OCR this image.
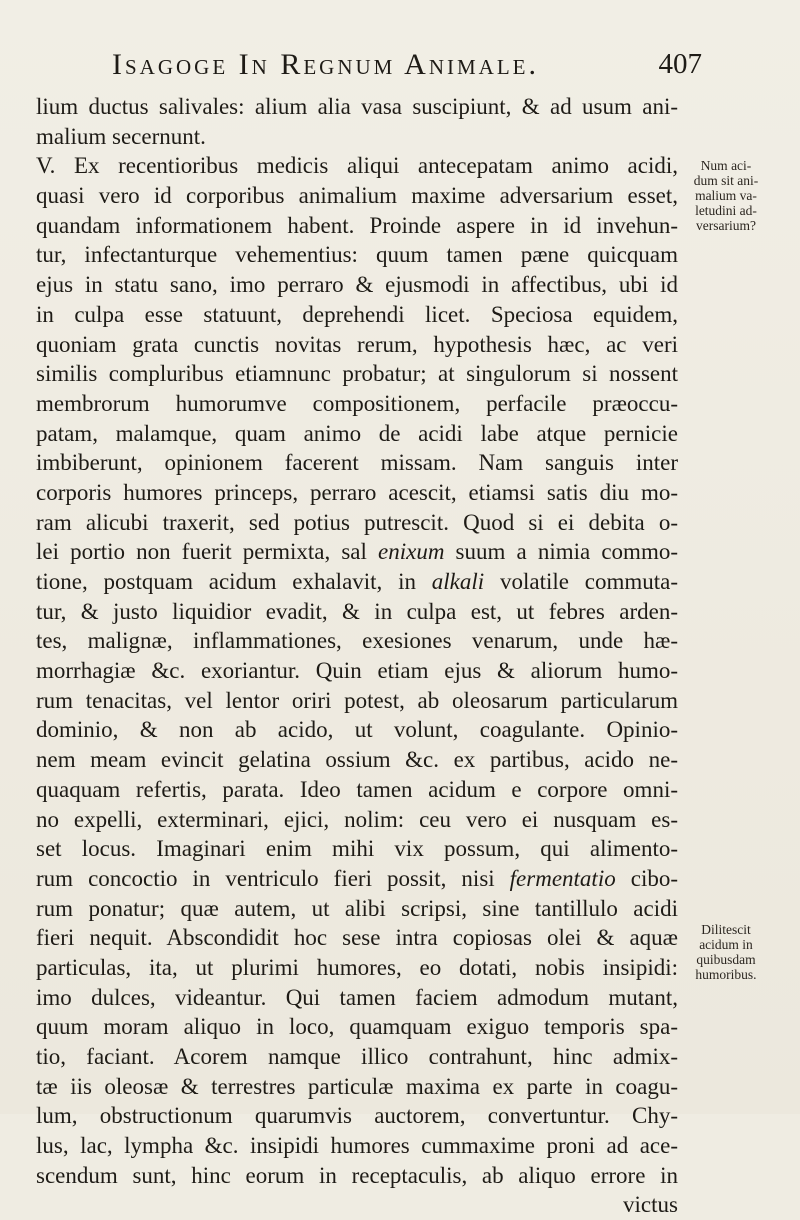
Isagoge In Regnum Animale.	407
lium ductus salivales: alium alia vasa suscipiunt, & ad usum ani-
malium secernunt.
V. Ex recentioribus medicis aliqui antecepatam animo acidi,
quasi vero id corporibus animalium maxime adversarium esset,
quandam informationem habent. Proinde aspere in id invehun-
tur, infectanturque vehementius: quum tamen pæne quicquam
ejus in statu sano, imo perraro & ejusmodi in affectibus, ubi id
in culpa esse statuunt, deprehendi licet. Speciosa equidem,
quoniam grata cunctis novitas rerum, hypothesis hæc, ac veri
similis compluribus etiamnunc probatur; at singulorum si nossent
membrorum humorumve compositionem, perfacile præoccu-
patam, malamque, quam animo de acidi labe atque pernicie
imbiberunt, opinionem facerent missam. Nam sanguis inter
corporis humores princeps, perraro acescit, etiamsi satis diu mo-
ram alicubi traxerit, sed potius putrescit. Quod si ei debita o-
lei portio non fuerit permixta, sal enixum suum a nimia commo-
tione, postquam acidum exhalavit, in alkali volatile commuta-
tur, & justo liquidior evadit, & in culpa est, ut febres arden-
tes, malignæ, inflammationes, exesiones venarum, unde hæ-
morrhagiæ &c. exoriantur. Quin etiam ejus & aliorum humo-
rum tenacitas, vel lentor oriri potest, ab oleosarum particularum
dominio, & non ab acido, ut volunt, coagulante. Opinio-
nem meam evincit gelatina ossium &c. ex partibus, acido ne-
quaquam refertis, parata. Ideo tamen acidum e corpore omni-
no expelli, exterminari, ejici, nolim: ceu vero ei nusquam es-
set locus. Imaginari enim mihi vix possum, qui alimento-
rum concoctio in ventriculo fieri possit, nisi fermentatio cibo-
rum ponatur; quæ autem, ut alibi scripsi, sine tantillulo acidi
fieri nequit. Abscondidit hoc sese intra copiosas olei & aquæ
particulas, ita, ut plurimi humores, eo dotati, nobis insipidi:
imo dulces, videantur. Qui tamen faciem admodum mutant,
quum moram aliquo in loco, quamquam exiguo temporis spa-
tio, faciant. Acorem namque illico contrahunt, hinc admix-
tæ iis oleosæ & terrestres particulæ maxima ex parte in coagu-
lum, obstructionum quarumvis auctorem, convertuntur. Chy-
lus, lac, lympha &c. insipidi humores cummaxime proni ad ace-
scendum sunt, hinc eorum in receptaculis, ab aliquo errore in
victus
Num aci-
dum sit ani-
malium va-
letudini ad-
versarium?
Dilitescit
acidum in
quibusdam
humoribus.
